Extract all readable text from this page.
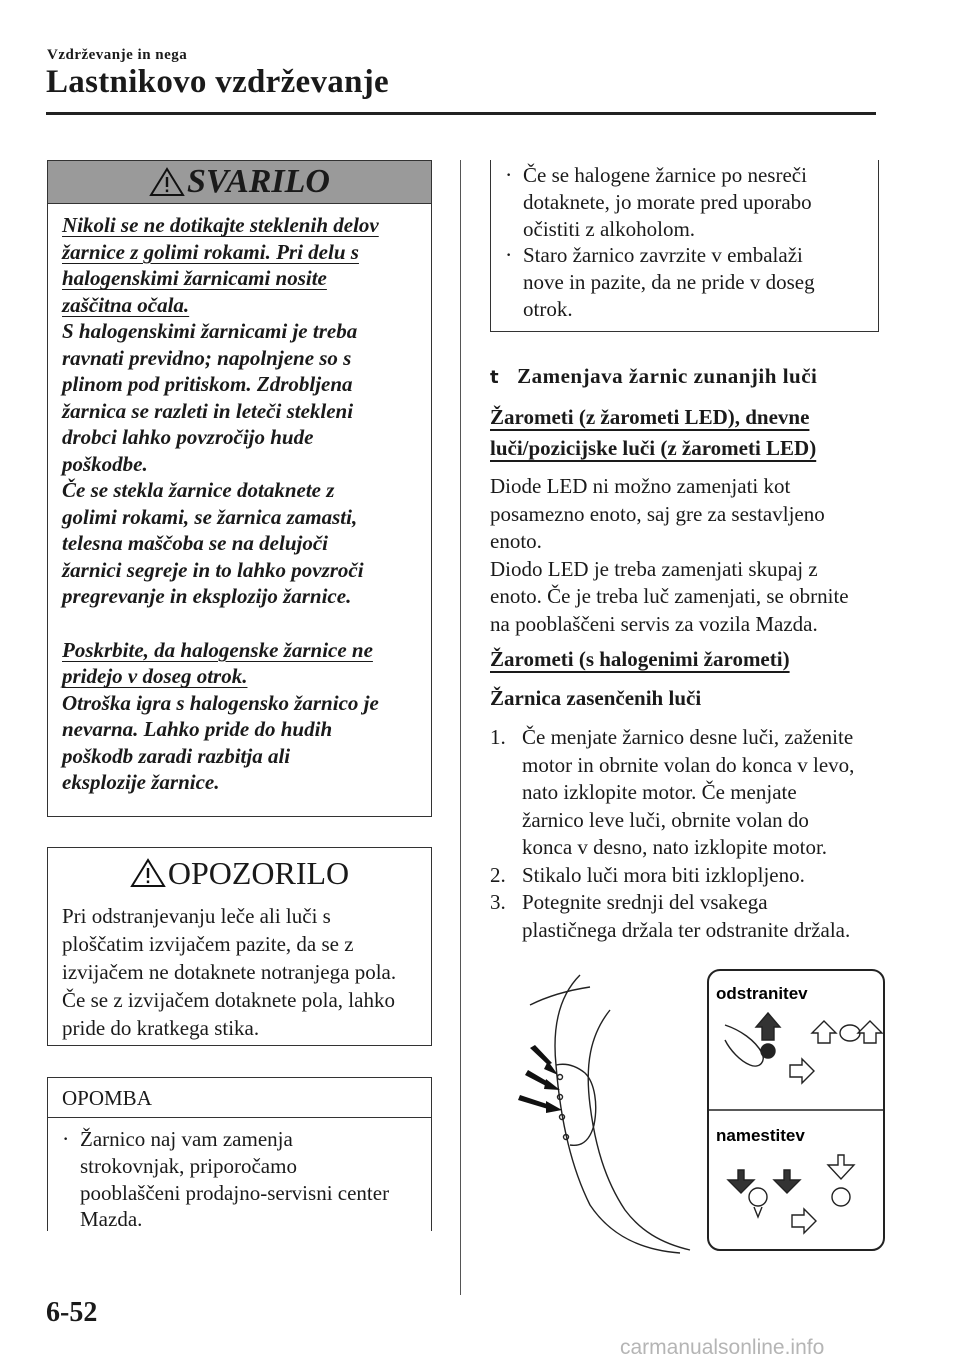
Vzdrževanje in nega
Lastnikovo vzdrževanje
SVARILO

Nikoli se ne dotikajte steklenih delov

žarnice z golimi rokami. Pri delu s

halogenskimi žarnicami nosite

zaščitna očala.

S halogenskimi žarnicami je treba

ravnati previdno; napolnjene so s

plinom pod pritiskom. Zdrobljena

žarnica se razleti in leteči stekleni

drobci lahko povzročijo hude

poškodbe.

Če se stekla žarnice dotaknete z

golimi rokami, se žarnica zamasti,

telesna maščoba se na delujoči

žarnici segreje in to lahko povzroči

pregrevanje in eksplozijo žarnice.

Poskrbite, da halogenske žarnice ne

pridejo v doseg otrok.

Otroška igra s halogensko žarnico je

nevarna. Lahko pride do hudih

poškodb zaradi razbitja ali

eksplozije žarnice.

OPOZORILO
Pri odstranjevanju leče ali luči s
ploščatim izvijačem pazite, da se z
izvijačem ne dotaknete notranjega pola.
Če se z izvijačem dotaknete pola, lahko
pride do kratkega stika.
OPOMBA
· Žarnico naj vam zamenja
strokovnjak, priporočamo
pooblaščeni prodajno-servisni center
Mazda.
· Če se halogene žarnice po nesreči
dotaknete, jo morate pred uporabo
očistiti z alkoholom.
· Staro žarnico zavrzite v embalaži
nove in pazite, da ne pride v doseg
otrok.
t Zamenjava žarnic zunanjih luči
Žarometi (z žarometi LED), dnevne
luči/pozicijske luči (z žarometi LED)
Diode LED ni možno zamenjati kot
posamezno enoto, saj gre za sestavljeno
enoto.
Diodo LED je treba zamenjati skupaj z
enoto. Če je treba luč zamenjati, se obrnite
na pooblaščeni servis za vozila Mazda.
Žarometi (s halogenimi žarometi)
Žarnica zasenčenih luči
1. Če menjate žarnico desne luči, zaženite
motor in obrnite volan do konca v levo,
nato izklopite motor. Če menjate
žarnico leve luči, obrnite volan do
konca v desno, nato izklopite motor.
2. Stikalo luči mora biti izklopljeno.
3. Potegnite srednji del vsakega
plastičnega držala ter odstranite držala.
odstranitev
namestitev
6-52
carmanualsonline.info
